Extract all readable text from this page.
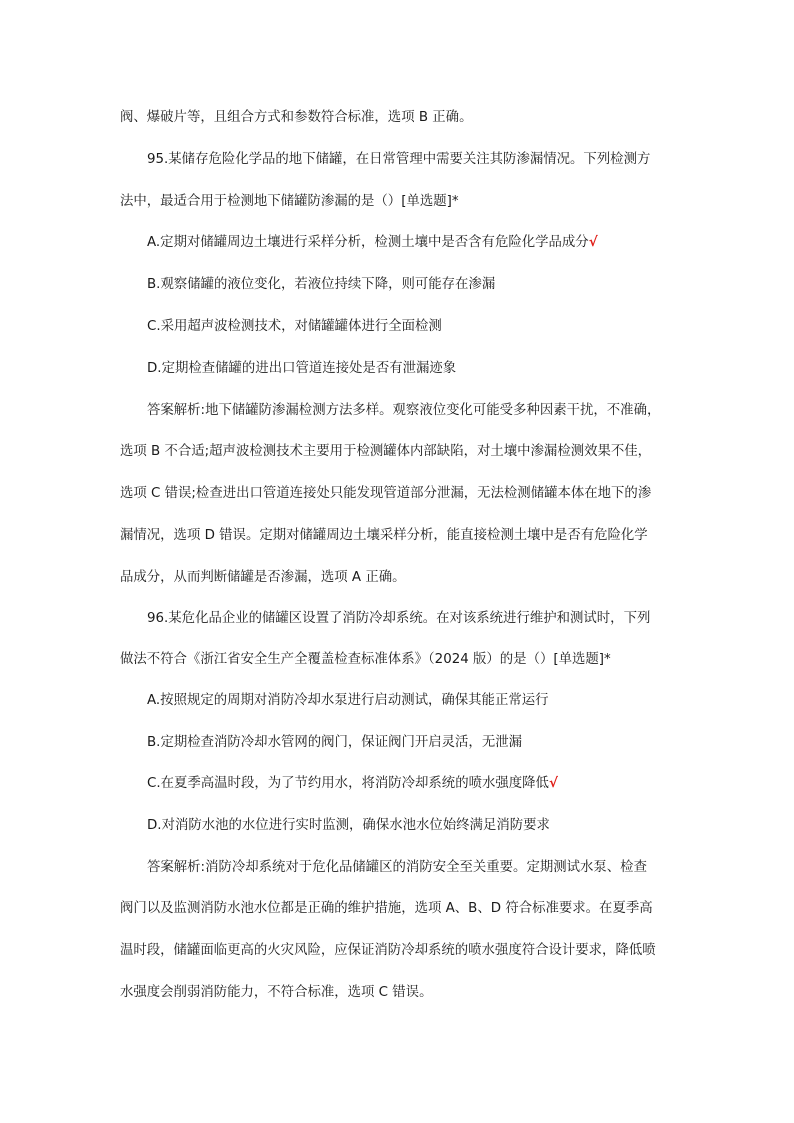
阀、爆破片等，且组合方式和参数符合标准，选项 B 正确。
95.某储存危险化学品的地下储罐，在日常管理中需要关注其防渗漏情况。下列检测方
法中，最适合用于检测地下储罐防渗漏的是（）[单选题]*
A.定期对储罐周边土壤进行采样分析，检测土壤中是否含有危险化学品成分√
B.观察储罐的液位变化，若液位持续下降，则可能存在渗漏
C.采用超声波检测技术，对储罐罐体进行全面检测
D.定期检查储罐的进出口管道连接处是否有泄漏迹象
答案解析:地下储罐防渗漏检测方法多样。观察液位变化可能受多种因素干扰，不准确，
选项 B 不合适;超声波检测技术主要用于检测罐体内部缺陷，对土壤中渗漏检测效果不佳，
选项 C 错误;检查进出口管道连接处只能发现管道部分泄漏，无法检测储罐本体在地下的渗
漏情况，选项 D 错误。定期对储罐周边土壤采样分析，能直接检测土壤中是否有危险化学
品成分，从而判断储罐是否渗漏，选项 A 正确。
96.某危化品企业的储罐区设置了消防冷却系统。在对该系统进行维护和测试时，下列
做法不符合《浙江省安全生产全覆盖检查标准体系》（2024 版）的是（）[单选题]*
A.按照规定的周期对消防冷却水泵进行启动测试，确保其能正常运行
B.定期检查消防冷却水管网的阀门，保证阀门开启灵活，无泄漏
C.在夏季高温时段，为了节约用水，将消防冷却系统的喷水强度降低√
D.对消防水池的水位进行实时监测，确保水池水位始终满足消防要求
答案解析:消防冷却系统对于危化品储罐区的消防安全至关重要。定期测试水泵、检查
阀门以及监测消防水池水位都是正确的维护措施，选项 A、B、D 符合标准要求。在夏季高
温时段，储罐面临更高的火灾风险，应保证消防冷却系统的喷水强度符合设计要求，降低喷
水强度会削弱消防能力，不符合标准，选项 C 错误。
